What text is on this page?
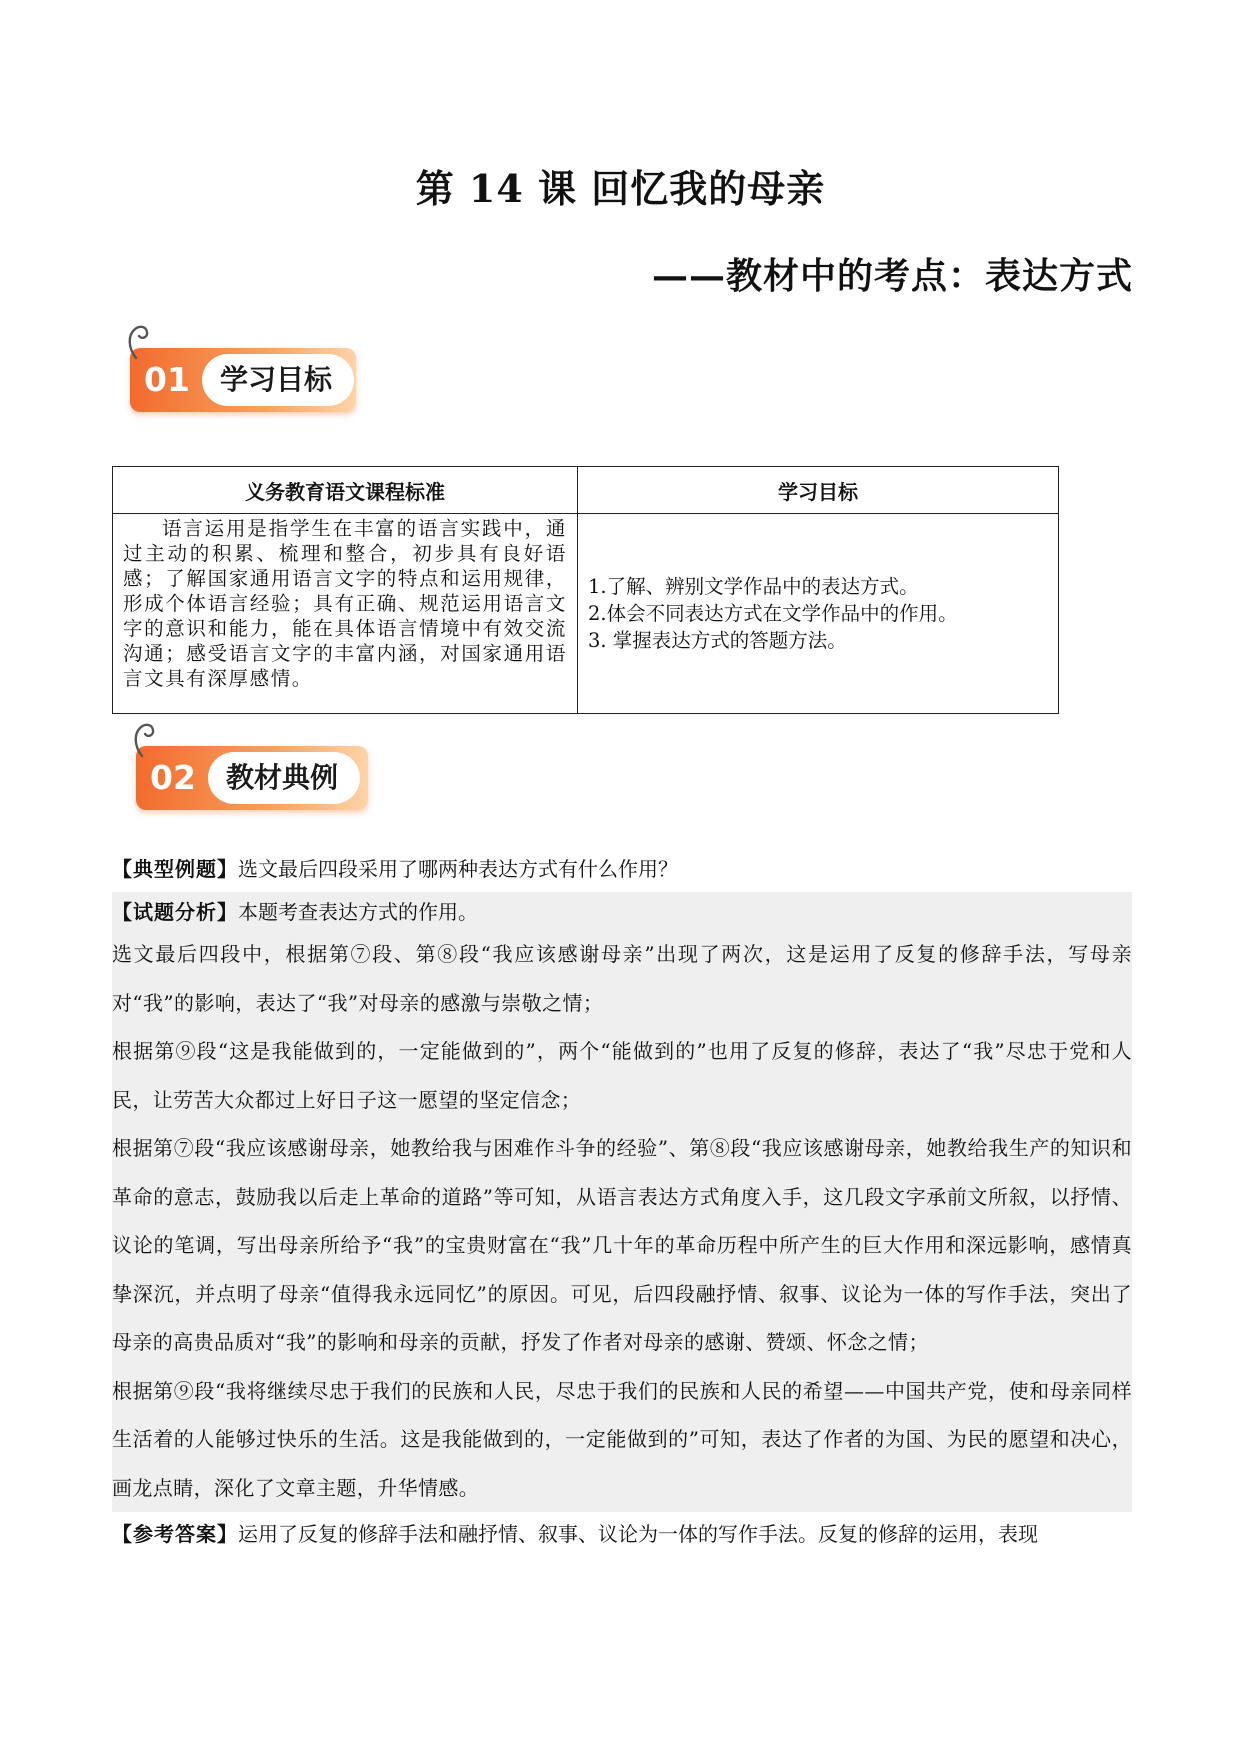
第 14 课 回忆我的母亲
——教材中的考点：表达方式
01	学习目标
义务教育语文课程标准	学习目标
语言运用是指学生在丰富的语言实践中，通过主动的积累、梳理和整合，初步具有良好语感；了解国家通用语言文字的特点和运用规律，形成个体语言经验；具有正确、规范运用语言文字的意识和能力，能在具体语言情境中有效交流沟通；感受语言文字的丰富内涵，对国家通用语言文具有深厚感情。	1.了解、辨别文学作品中的表达方式。
2.体会不同表达方式在文学作品中的作用。
3. 掌握表达方式的答题方法。
02	教材典例
【典型例题】选文最后四段采用了哪两种表达方式有什么作用？
【试题分析】本题考查表达方式的作用。

选文最后四段中，根据第⑦段、第⑧段“我应该感谢母亲”出现了两次，这是运用了反复的修辞手法，写母亲对“我”的影响，表达了“我”对母亲的感激与崇敬之情；

根据第⑨段“这是我能做到的，一定能做到的”，两个“能做到的”也用了反复的修辞，表达了“我”尽忠于党和人民，让劳苦大众都过上好日子这一愿望的坚定信念；

根据第⑦段“我应该感谢母亲，她教给我与困难作斗争的经验”、第⑧段“我应该感谢母亲，她教给我生产的知识和革命的意志，鼓励我以后走上革命的道路”等可知，从语言表达方式角度入手，这几段文字承前文所叙，以抒情、议论的笔调，写出母亲所给予“我”的宝贵财富在“我”几十年的革命历程中所产生的巨大作用和深远影响，感情真挚深沉，并点明了母亲“值得我永远同忆”的原因。可见，后四段融抒情、叙事、议论为一体的写作手法，突出了母亲的高贵品质对“我”的影响和母亲的贡献，抒发了作者对母亲的感谢、赞颂、怀念之情；

根据第⑨段“我将继续尽忠于我们的民族和人民，尽忠于我们的民族和人民的希望——中国共产党，使和母亲同样生活着的人能够过快乐的生活。这是我能做到的，一定能做到的”可知，表达了作者的为国、为民的愿望和决心，画龙点睛，深化了文章主题，升华情感。

【参考答案】运用了反复的修辞手法和融抒情、叙事、议论为一体的写作手法。反复的修辞的运用，表现
